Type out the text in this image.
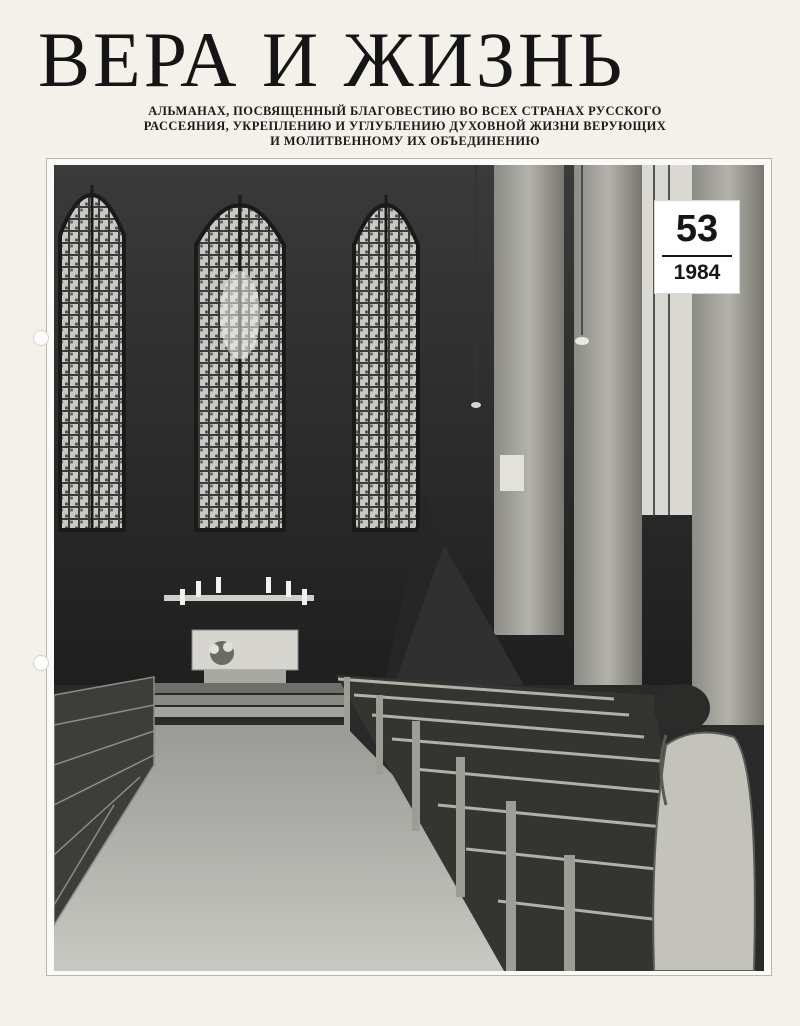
ВЕРА И ЖИЗНЬ
АЛЬМАНАХ, ПОСВЯЩЕННЫЙ БЛАГОВЕСТИЮ ВО ВСЕХ СТРАНАХ РУССКОГО
РАССЕЯНИЯ, УКРЕПЛЕНИЮ И УГЛУБЛЕНИЮ ДУХОВНОЙ ЖИЗНИ ВЕРУЮЩИХ
И МОЛИТВЕННОМУ ИХ ОБЪЕДИНЕНИЮ
53
1984
